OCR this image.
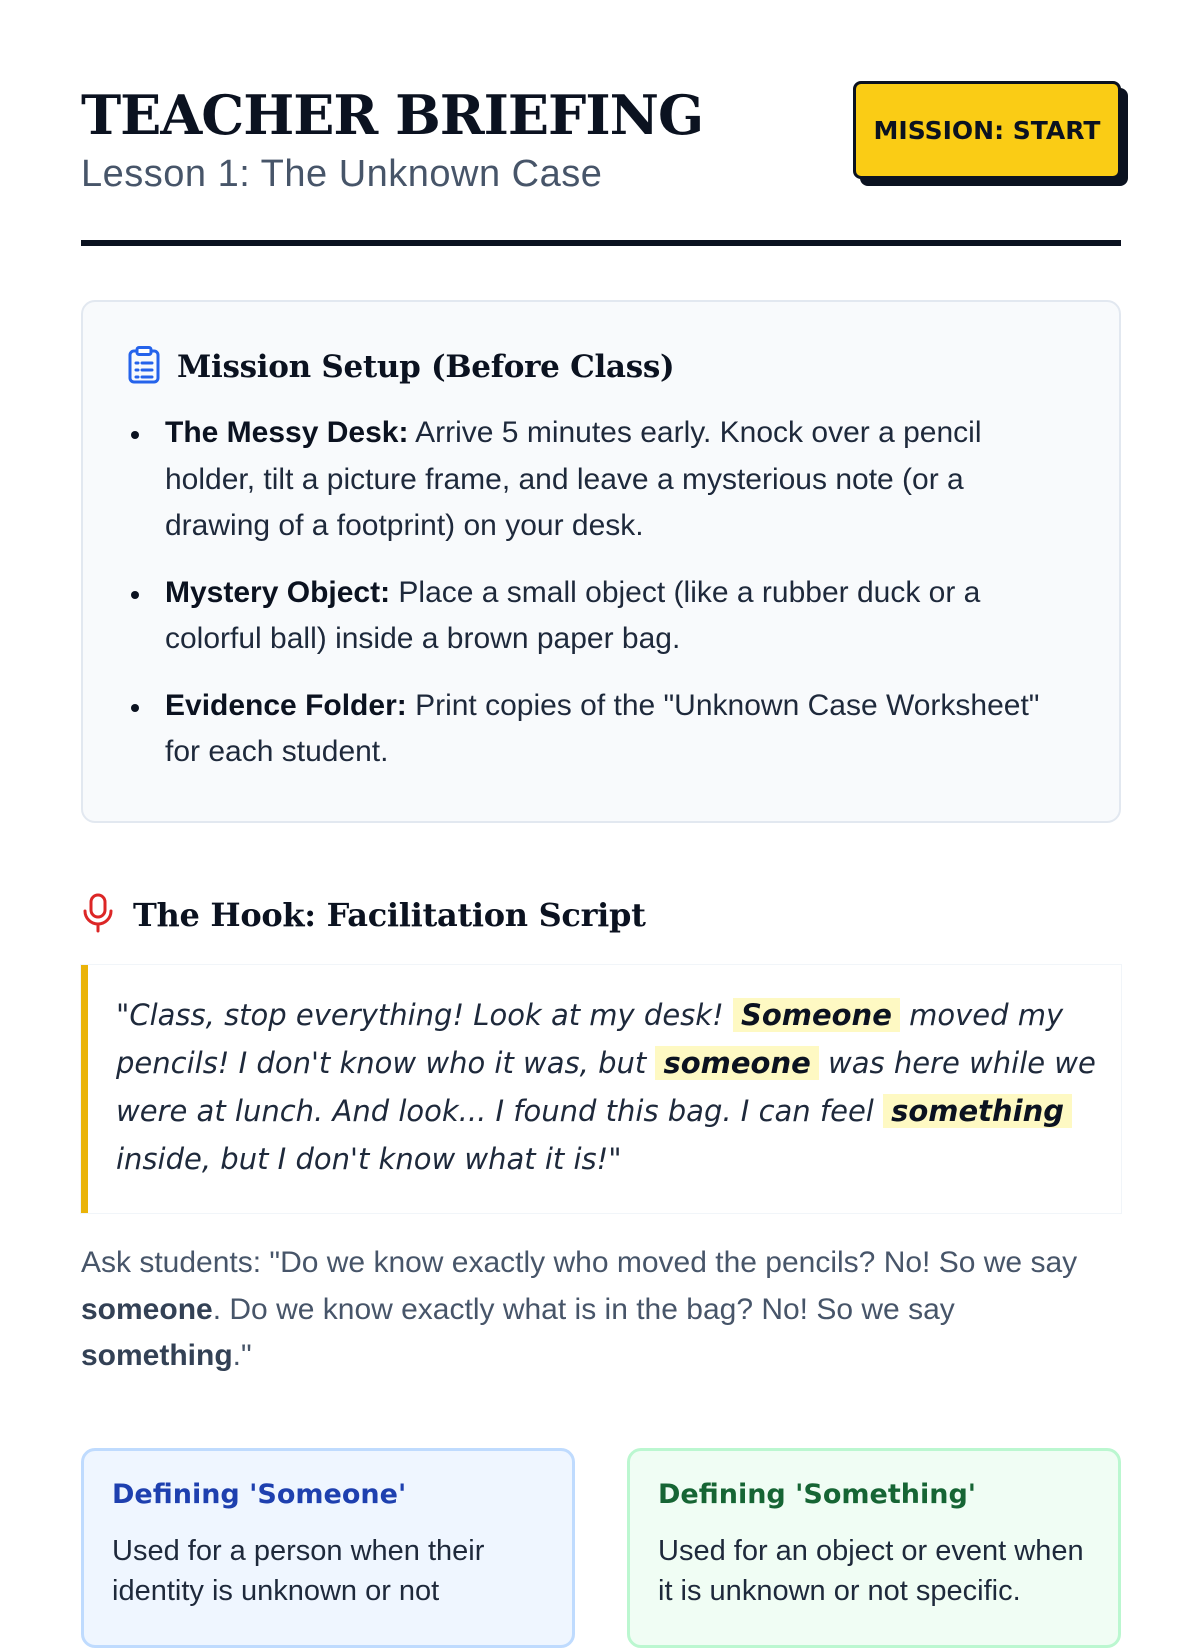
TEACHER BRIEFING
Lesson 1: The Unknown Case
MISSION: START
Mission Setup (Before Class)
The Messy Desk: Arrive 5 minutes early. Knock over a pencil holder, tilt a picture frame, and leave a mysterious note (or a drawing of a footprint) on your desk.
Mystery Object: Place a small object (like a rubber duck or a colorful ball) inside a brown paper bag.
Evidence Folder: Print copies of the "Unknown Case Worksheet" for each student.
The Hook: Facilitation Script
"Class, stop everything! Look at my desk! Someone moved my pencils! I don't know who it was, but someone was here while we were at lunch. And look... I found this bag. I can feel something inside, but I don't know what it is!"
Ask students: "Do we know exactly who moved the pencils? No! So we say someone. Do we know exactly what is in the bag? No! So we say something."
Defining 'Someone'
Used for a person when their identity is unknown or not
Defining 'Something'
Used for an object or event when it is unknown or not specific.
